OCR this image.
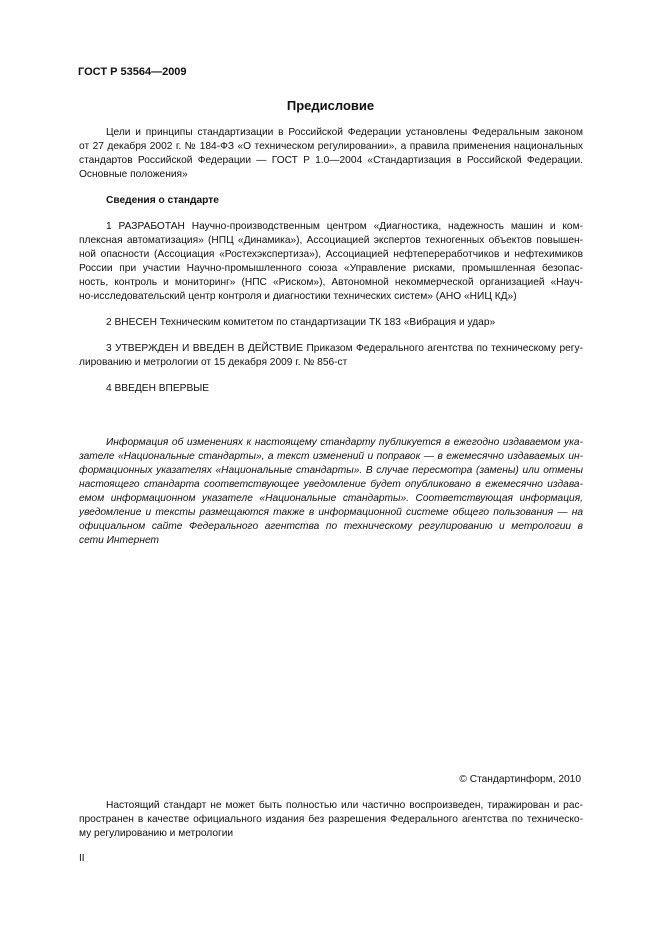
ГОСТ Р 53564—2009
Предисловие

Цели и принципы стандартизации в Российской Федерации установлены Федеральным законом
от 27 декабря 2002 г. № 184-ФЗ «О техническом регулировании», а правила применения национальных
стандартов Российской Федерации — ГОСТ Р 1.0—2004 «Стандартизация в Российской Федерации.
Основные положения»

Сведения о стандарте

1 РАЗРАБОТАН Научно-производственным центром «Диагностика, надежность машин и ком-
плексная автоматизация» (НПЦ «Динамика»), Ассоциацией экспертов техногенных объектов повышен-
ной опасности (Ассоциация «Ростехэкспертиза»), Ассоциацией нефтепереработчиков и нефтехимиков
России при участии Научно-промышленного союза «Управление рисками, промышленная безопас-
ность, контроль и мониторинг» (НПС «Риском»), Автономной некоммерческой организацией «Науч-
но-исследовательский центр контроля и диагностики технических систем» (АНО «НИЦ КД»)

2 ВНЕСЕН Техническим комитетом по стандартизации ТК 183 «Вибрация и удар»

3 УТВЕРЖДЕН И ВВЕДЕН В ДЕЙСТВИЕ Приказом Федерального агентства по техническому регу-
лированию и метрологии от 15 декабря 2009 г. № 856-ст

4 ВВЕДЕН ВПЕРВЫЕ

Информация об изменениях к настоящему стандарту публикуется в ежегодно издаваемом ука-
зателе «Национальные стандарты», а текст изменений и поправок — в ежемесячно издаваемых ин-
формационных указателях «Национальные стандарты». В случае пересмотра (замены) или отмены
настоящего стандарта соответствующее уведомление будет опубликовано в ежемесячно издава-
емом информационном указателе «Национальные стандарты». Соответствующая информация,
уведомление и тексты размещаются также в информационной системе общего пользования — на
официальном сайте Федерального агентства по техническому регулированию и метрологии в
сети Интернет

© Стандартинформ, 2010

Настоящий стандарт не может быть полностью или частично воспроизведен, тиражирован и рас-
пространен в качестве официального издания без разрешения Федерального агентства по техническо-
му регулированию и метрологии

II
